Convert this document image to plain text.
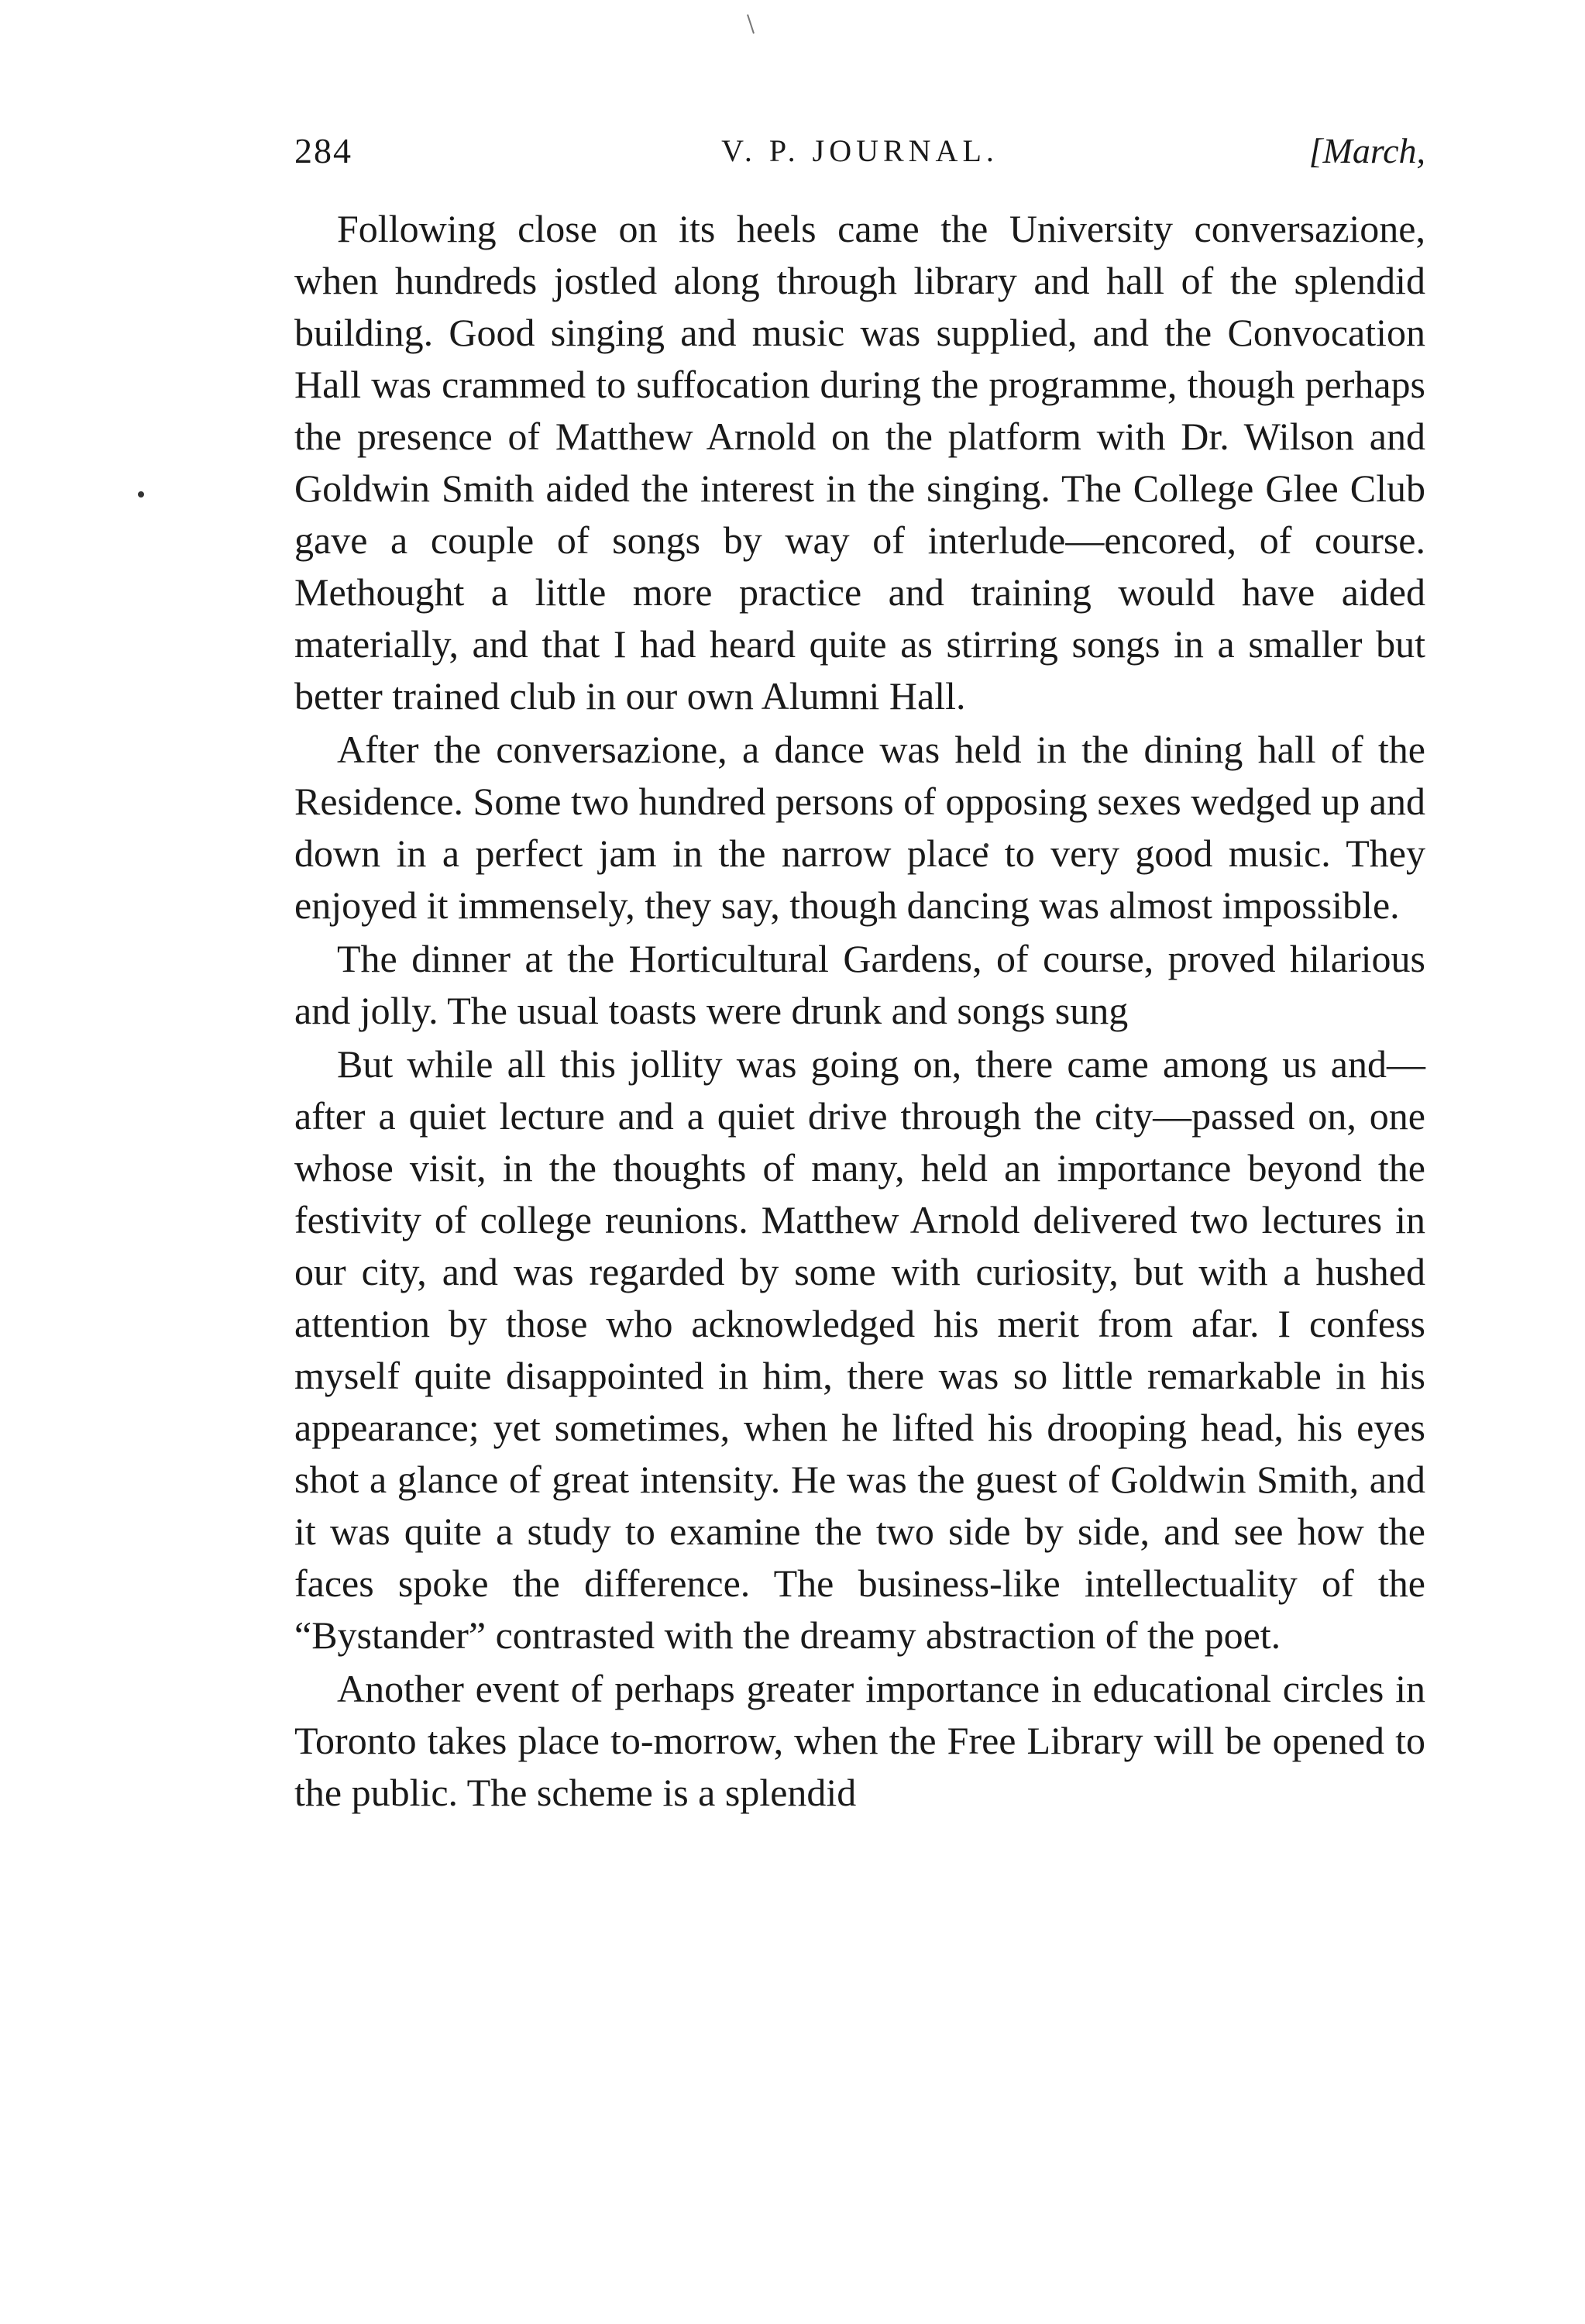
284	V. P. JOURNAL.	[March,

Following close on its heels came the University conversazione, when hundreds jostled along through library and hall of the splendid building. Good singing and music was supplied, and the Convocation Hall was crammed to suffocation during the programme, though perhaps the presence of Matthew Arnold on the platform with Dr. Wilson and Goldwin Smith aided the interest in the singing. The College Glee Club gave a couple of songs by way of interlude—encored, of course. Methought a little more practice and training would have aided materially, and that I had heard quite as stirring songs in a smaller but better trained club in our own Alumni Hall.

After the conversazione, a dance was held in the dining hall of the Residence. Some two hundred persons of opposing sexes wedged up and down in a perfect jam in the narrow place to very good music. They enjoyed it immensely, they say, though dancing was almost impossible.

The dinner at the Horticultural Gardens, of course, proved hilarious and jolly. The usual toasts were drunk and songs sung

But while all this jollity was going on, there came among us and—after a quiet lecture and a quiet drive through the city—passed on, one whose visit, in the thoughts of many, held an importance beyond the festivity of college reunions. Matthew Arnold delivered two lectures in our city, and was regarded by some with curiosity, but with a hushed attention by those who acknowledged his merit from afar. I confess myself quite disappointed in him, there was so little remarkable in his appearance; yet sometimes, when he lifted his drooping head, his eyes shot a glance of great intensity. He was the guest of Goldwin Smith, and it was quite a study to examine the two side by side, and see how the faces spoke the difference. The business-like intellectuality of the “Bystander” contrasted with the dreamy abstraction of the poet.

Another event of perhaps greater importance in educational circles in Toronto takes place to-morrow, when the Free Library will be opened to the public. The scheme is a splendid
